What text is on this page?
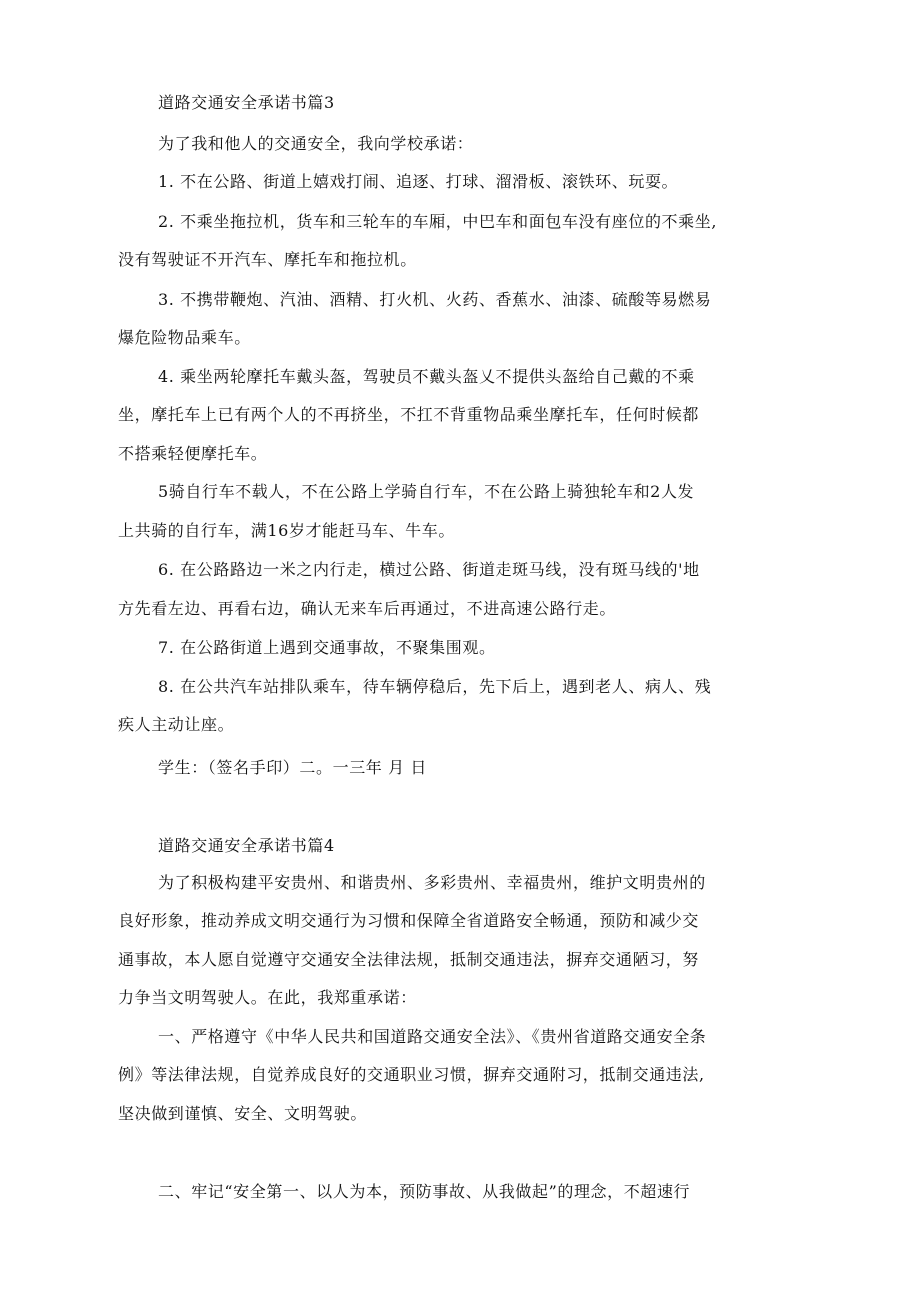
道路交通安全承诺书篇3

为了我和他人的交通安全，我向学校承诺：

1. 不在公路、街道上嬉戏打闹、追逐、打球、溜滑板、滚铁环、玩耍。

2. 不乘坐拖拉机，货车和三轮车的车厢，中巴车和面包车没有座位的不乘坐,

没有驾驶证不开汽车、摩托车和拖拉机。

3. 不携带鞭炮、汽油、酒精、打火机、火药、香蕉水、油漆、硫酸等易燃易

爆危险物品乘车。

4. 乘坐两轮摩托车戴头盔，驾驶员不戴头盔乂不提供头盔给自己戴的不乘

坐，摩托车上已有两个人的不再挤坐，不扛不背重物品乘坐摩托车，任何时候都

不搭乘轻便摩托车。

5骑自行车不载人，不在公路上学骑自行车，不在公路上骑独轮车和2人发

上共骑的自行车，满16岁才能赶马车、牛车。

6. 在公路路边一米之内行走，横过公路、街道走斑马线，没有斑马线的'地

方先看左边、再看右边，确认无来车后再通过，不进高速公路行走。

7. 在公路街道上遇到交通事故，不聚集围观。

8. 在公共汽车站排队乘车，待车辆停稳后，先下后上，遇到老人、病人、残

疾人主动让座。

学生：（签名手印）二。一三年 月 日

道路交通安全承诺书篇4

为了积极构建平安贵州、和谐贵州、多彩贵州、幸福贵州，维护文明贵州的

良好形象，推动养成文明交通行为习惯和保障全省道路安全畅通，预防和减少交

通事故，本人愿自觉遵守交通安全法律法规，抵制交通违法，摒弃交通陋习，努

力争当文明驾驶人。在此，我郑重承诺：

一、严格遵守《中华人民共和国道路交通安全法》、《贵州省道路交通安全条

例》等法律法规，自觉养成良好的交通职业习惯，摒弃交通附习，抵制交通违法,

坚决做到谨慎、安全、文明驾驶。

二、牢记“安全第一、以人为本，预防事故、从我做起”的理念，不超速行
